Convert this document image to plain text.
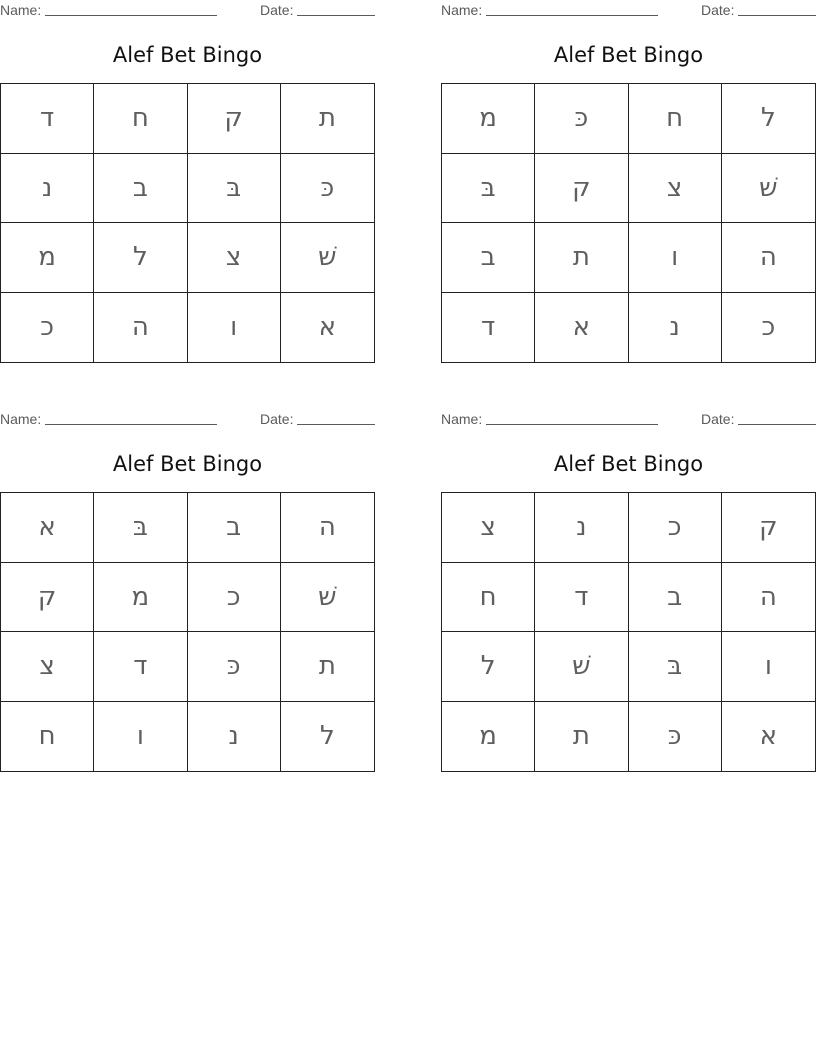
Name:	Date:
Alef Bet Bingo
ד	ח	ק	ת
נ	ב	בּ	כּ
מ	ל	צ	שׁ
כ	ה	ו	א
Name:	Date:
Alef Bet Bingo
מ	כּ	ח	ל
בּ	ק	צ	שׁ
ב	ת	ו	ה
ד	א	נ	כ
Name:	Date:
Alef Bet Bingo
א	בּ	ב	ה
ק	מ	כ	שׁ
צ	ד	כּ	ת
ח	ו	נ	ל
Name:	Date:
Alef Bet Bingo
צ	נ	כ	ק
ח	ד	ב	ה
ל	שׁ	בּ	ו
מ	ת	כּ	א
